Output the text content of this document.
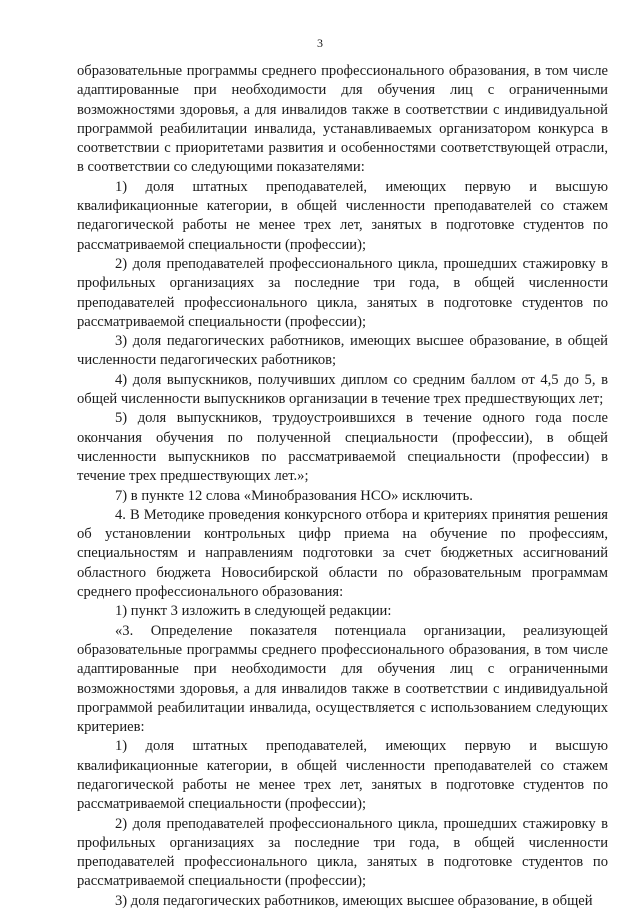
3

образовательные программы среднего профессионального образования, в том числе адаптированные при необходимости для обучения лиц с ограниченными возможностями здоровья, а для инвалидов также в соответствии с индивидуальной программой реабилитации инвалида, устанавливаемых организатором конкурса в соответствии с приоритетами развития и особенностями соответствующей отрасли, в соответствии со следующими показателями:

1) доля штатных преподавателей, имеющих первую и высшую квалификационные категории, в общей численности преподавателей со стажем педагогической работы не менее трех лет, занятых в подготовке студентов по рассматриваемой специальности (профессии);

2) доля преподавателей профессионального цикла, прошедших стажировку в профильных организациях за последние три года, в общей численности преподавателей профессионального цикла, занятых в подготовке студентов по рассматриваемой специальности (профессии);

3) доля педагогических работников, имеющих высшее образование, в общей численности педагогических работников;

4) доля выпускников, получивших диплом со средним баллом от 4,5 до 5, в общей численности выпускников организации в течение трех предшествующих лет;

5) доля выпускников, трудоустроившихся в течение одного года после окончания обучения по полученной специальности (профессии), в общей численности выпускников по рассматриваемой специальности (профессии) в течение трех предшествующих лет.»;

7) в пункте 12 слова «Минобразования НСО» исключить.

4. В Методике проведения конкурсного отбора и критериях принятия решения об установлении контрольных цифр приема на обучение по профессиям, специальностям и направлениям подготовки за счет бюджетных ассигнований областного бюджета Новосибирской области по образовательным программам среднего профессионального образования:

1) пункт 3 изложить в следующей редакции:

«3. Определение показателя потенциала организации, реализующей образовательные программы среднего профессионального образования, в том числе адаптированные при необходимости для обучения лиц с ограниченными возможностями здоровья, а для инвалидов также в соответствии с индивидуальной программой реабилитации инвалида, осуществляется с использованием следующих критериев:

1) доля штатных преподавателей, имеющих первую и высшую квалификационные категории, в общей численности преподавателей со стажем педагогической работы не менее трех лет, занятых в подготовке студентов по рассматриваемой специальности (профессии);

2) доля преподавателей профессионального цикла, прошедших стажировку в профильных организациях за последние три года, в общей численности преподавателей профессионального цикла, занятых в подготовке студентов по рассматриваемой специальности (профессии);

3) доля педагогических работников, имеющих высшее образование, в общей
